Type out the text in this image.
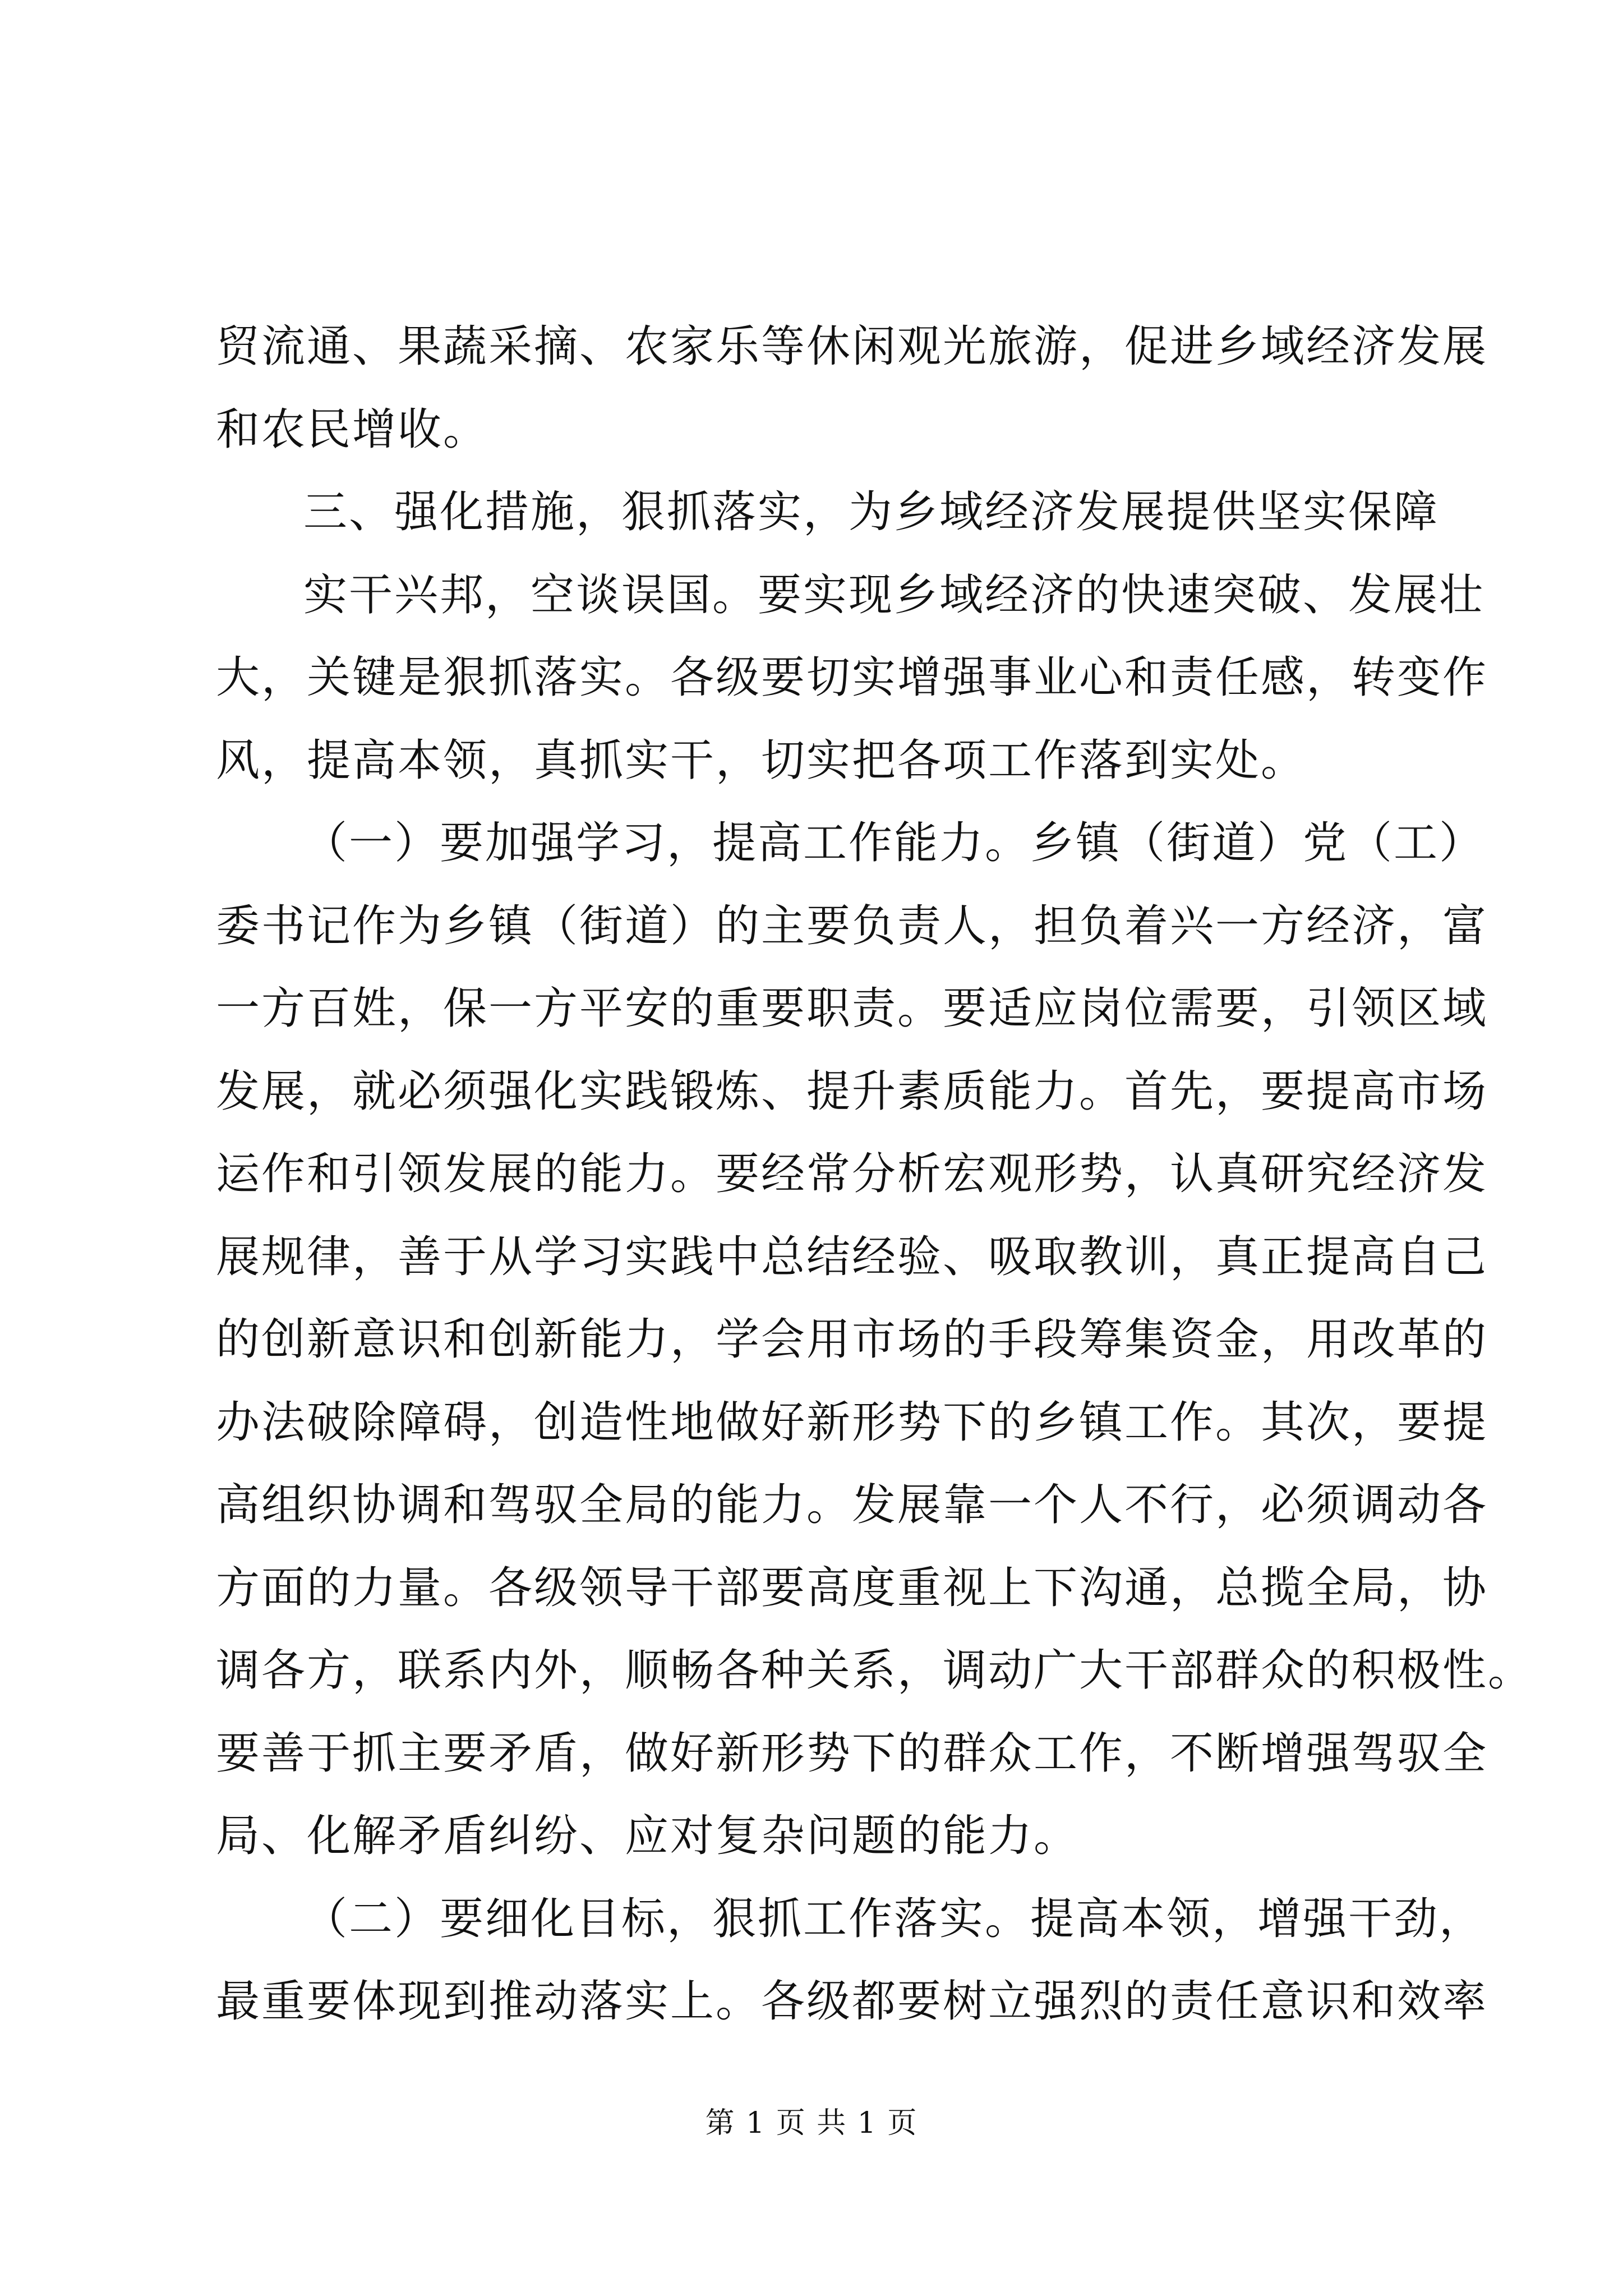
贸流通、果蔬采摘、农家乐等休闲观光旅游，促进乡域经济发展
和农民增收。
三、强化措施，狠抓落实，为乡域经济发展提供坚实保障
实干兴邦，空谈误国。要实现乡域经济的快速突破、发展壮
大，关键是狠抓落实。各级要切实增强事业心和责任感，转变作
风，提高本领，真抓实干，切实把各项工作落到实处。
（一）要加强学习，提高工作能力。乡镇（街道）党（工）
委书记作为乡镇（街道）的主要负责人，担负着兴一方经济，富
一方百姓，保一方平安的重要职责。要适应岗位需要，引领区域
发展，就必须强化实践锻炼、提升素质能力。首先，要提高市场
运作和引领发展的能力。要经常分析宏观形势，认真研究经济发
展规律，善于从学习实践中总结经验、吸取教训，真正提高自己
的创新意识和创新能力，学会用市场的手段筹集资金，用改革的
办法破除障碍，创造性地做好新形势下的乡镇工作。其次，要提
高组织协调和驾驭全局的能力。发展靠一个人不行，必须调动各
方面的力量。各级领导干部要高度重视上下沟通，总揽全局，协
调各方，联系内外，顺畅各种关系，调动广大干部群众的积极性。
要善于抓主要矛盾，做好新形势下的群众工作，不断增强驾驭全
局、化解矛盾纠纷、应对复杂问题的能力。
（二）要细化目标，狠抓工作落实。提高本领，增强干劲，
最重要体现到推动落实上。各级都要树立强烈的责任意识和效率
第 1 页 共 1 页
